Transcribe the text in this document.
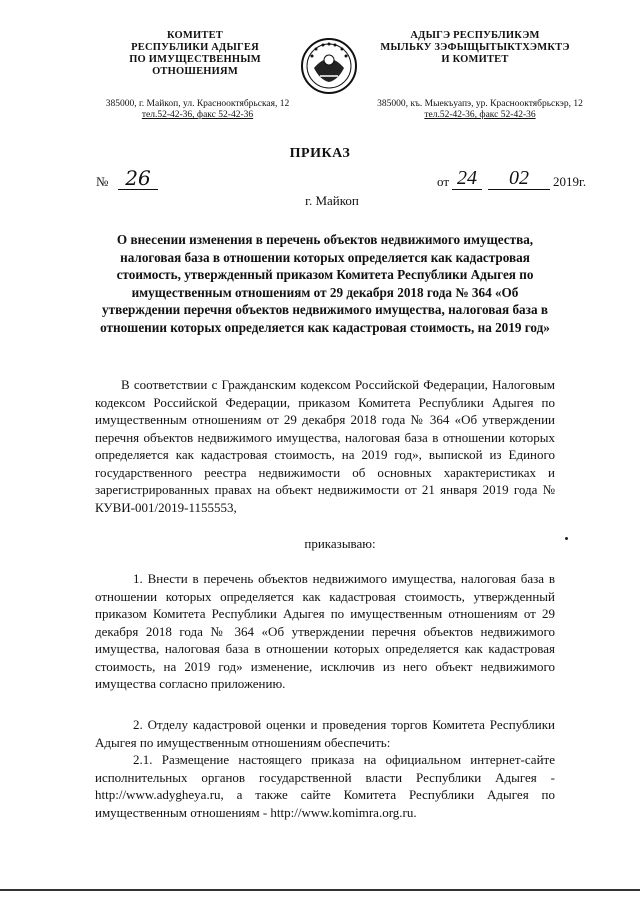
КОМИТЕТ
РЕСПУБЛИКИ АДЫГЕЯ
ПО ИМУЩЕСТВЕННЫМ ОТНОШЕНИЯМ
АДЫГЭ РЕСПУБЛИКЭМ
МЫЛЬКУ ЗЭФЫЩЫТЫКТХЭМКТЭ
И КОМИТЕТ
385000, г. Майкоп, ул. Краснооктябрьская, 12
тел.52-42-36, факс 52-42-36
385000, къ. Мыекъуапэ, ур. Краснооктябрьскэр, 12
тел.52-42-36, факс 52-42-36
ПРИКАЗ
№ 26	от 24	02	2019г.
г. Майкоп
О внесении изменения в перечень объектов недвижимого имущества, налоговая база в отношении которых определяется как кадастровая стоимость, утвержденный приказом Комитета Республики Адыгея по имущественным отношениям от 29 декабря 2018 года № 364 «Об утверждении перечня объектов недвижимого имущества, налоговая база в отношении которых определяется как кадастровая стоимость, на 2019 год»
В соответствии с Гражданским кодексом Российской Федерации, Налоговым кодексом Российской Федерации, приказом Комитета Республики Адыгея по имущественным отношениям от 29 декабря 2018 года № 364 «Об утверждении перечня объектов недвижимого имущества, налоговая база в отношении которых определяется как кадастровая стоимость, на 2019 год», выпиской из Единого государственного реестра недвижимости об основных характеристиках и зарегистрированных правах на объект недвижимости от 21 января 2019 года № КУВИ-001/2019-1155553,
приказываю:
1. Внести в перечень объектов недвижимого имущества, налоговая база в отношении которых определяется как кадастровая стоимость, утвержденный приказом Комитета Республики Адыгея по имущественным отношениям от 29 декабря 2018 года № 364 «Об утверждении перечня объектов недвижимого имущества, налоговая база в отношении которых определяется как кадастровая стоимость, на 2019 год» изменение, исключив из него объект недвижимого имущества согласно приложению.
2. Отделу кадастровой оценки и проведения торгов Комитета Республики Адыгея по имущественным отношениям обеспечить:
2.1. Размещение настоящего приказа на официальном интернет-сайте исполнительных органов государственной власти Республики Адыгея - http://www.adygheya.ru, а также сайте Комитета Республики Адыгея по имущественным отношениям - http://www.komimra.org.ru.
